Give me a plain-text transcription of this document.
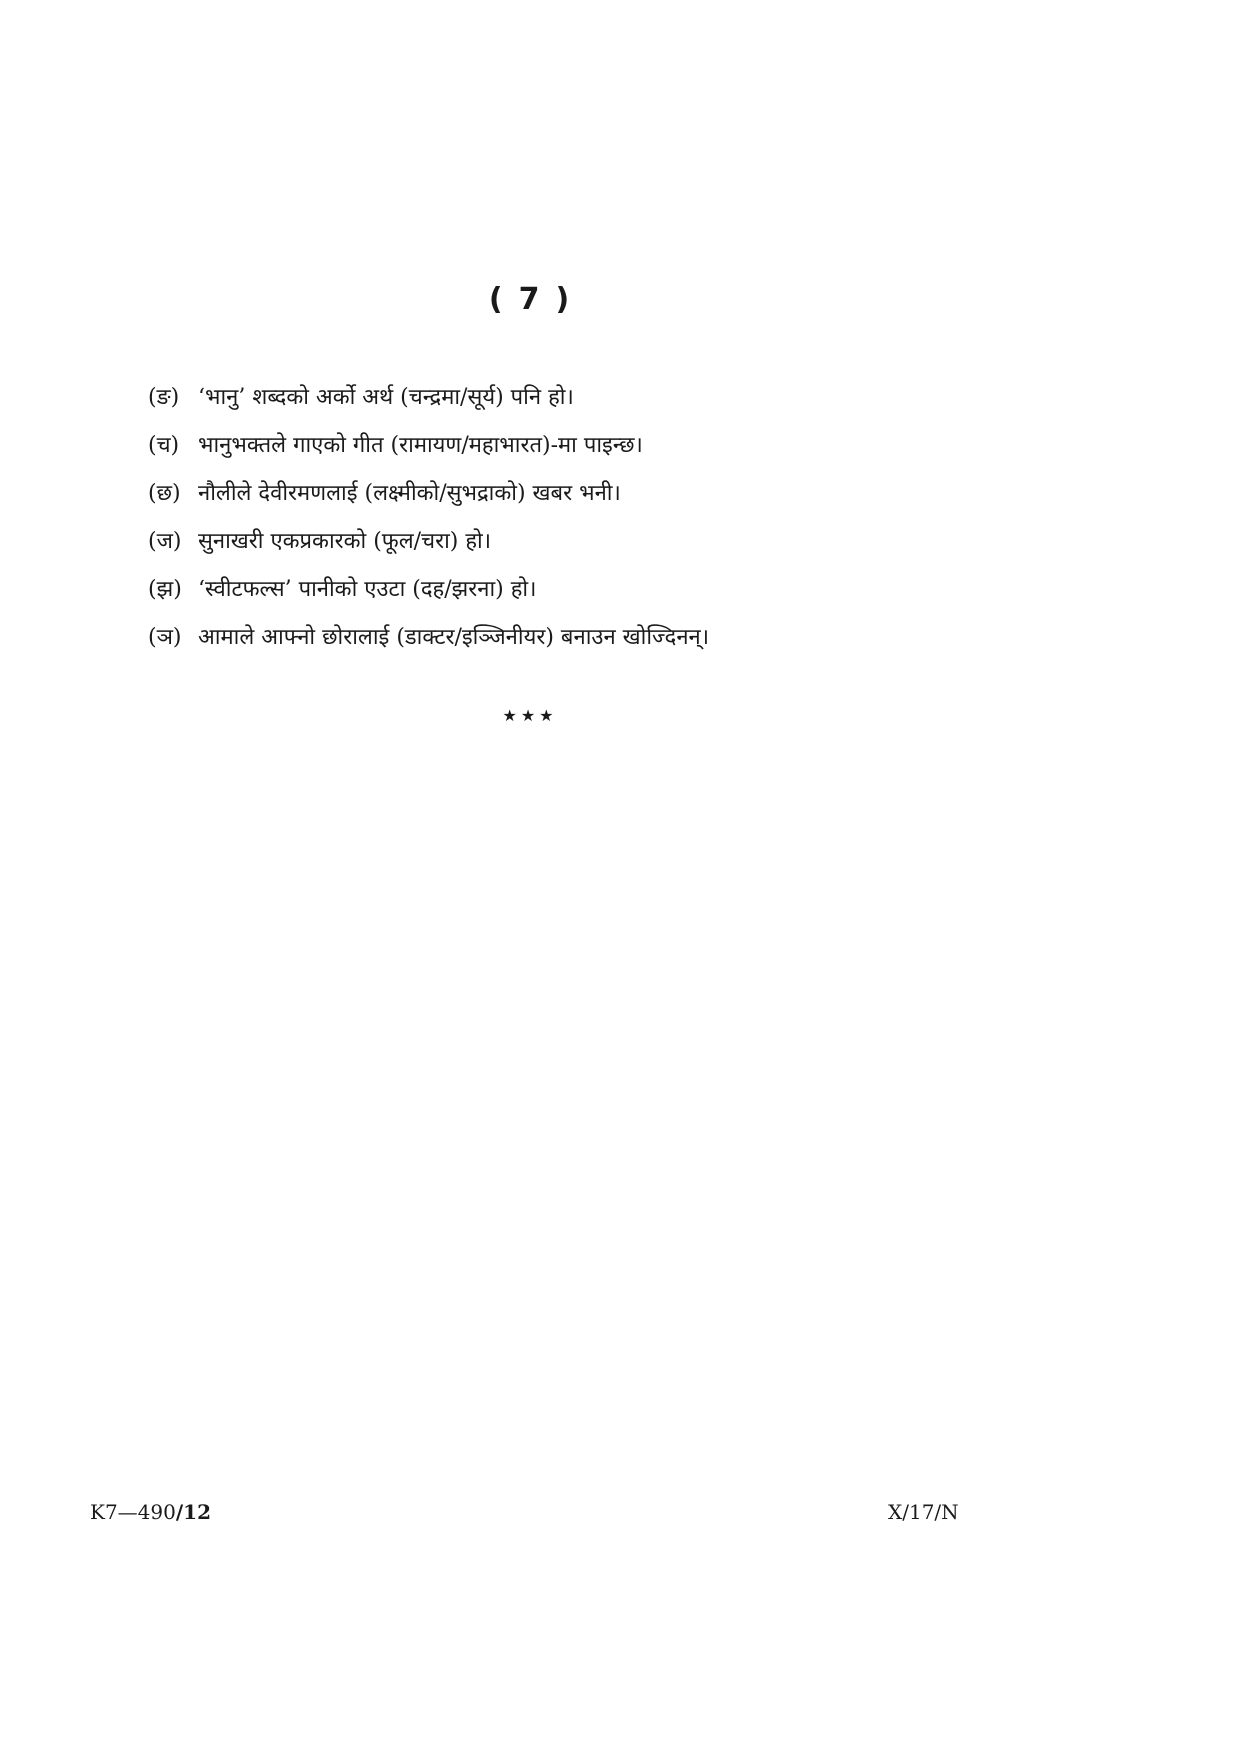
( 7 )
(ङ) ‘भानु’ शब्दको अर्को अर्थ (चन्द्रमा/सूर्य) पनि हो।
(च) भानुभक्तले गाएको गीत (रामायण/महाभारत)-मा पाइन्छ।
(छ) नौलीले देवीरमणलाई (लक्ष्मीको/सुभद्राको) खबर भनी।
(ज) सुनाखरी एकप्रकारको (फूल/चरा) हो।
(झ) ‘स्वीटफल्स’ पानीको एउटा (दह/झरना) हो।
(ञ) आमाले आफ्नो छोरालाई (डाक्टर/इञ्जिनीयर) बनाउन खोज्दिनन्।
★★★
K7—490/12	X/17/N
